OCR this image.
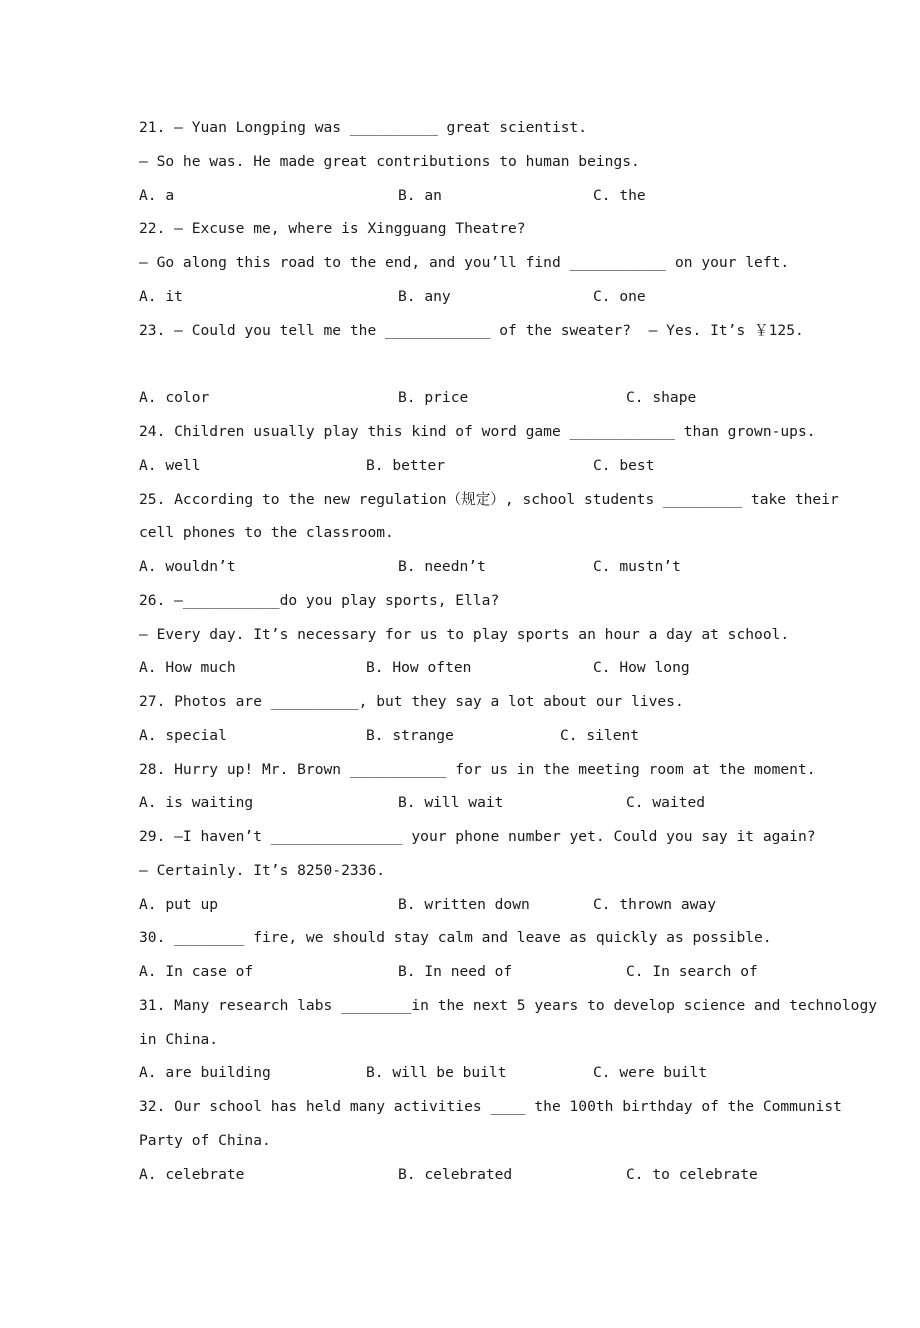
21. — Yuan Longping was __________ great scientist.
— So he was. He made great contributions to human beings.

A. a

	B. an

	C. the

22. — Excuse me, where is Xingguang Theatre?
— Go along this road to the end, and you’ll find ___________ on your left.

A. it

	B. any

	C. one

23. — Could you tell me the ____________ of the sweater?  — Yes. It’s ￥125.

A. color

	B. price

	C. shape

24. Children usually play this kind of word game ____________ than grown-ups.

A. well

	B. better

	C. best

25. According to the new regulation（规定）, school students _________ take their
cell phones to the classroom.

A. wouldn’t

	B. needn’t

	C. mustn’t

26. —___________do you play sports, Ella?
— Every day. It’s necessary for us to play sports an hour a day at school.

A. How much

	B. How often

	C. How long

27. Photos are __________, but they say a lot about our lives.

A. special

	B. strange

	C. silent

28. Hurry up! Mr. Brown ___________ for us in the meeting room at the moment.

A. is waiting

	B. will wait

	C. waited

29. —I haven’t _______________ your phone number yet. Could you say it again?
— Certainly. It’s 8250-2336.

A. put up

	B. written down

	C. thrown away

30. ________ fire, we should stay calm and leave as quickly as possible.

A. In case of

	B. In need of

	C. In search of

31. Many research labs ________in the next 5 years to develop science and technology
in China.

A. are building

	B. will be built

	C. were built

32. Our school has held many activities ____ the 100th birthday of the Communist
Party of China.

A. celebrate

	B. celebrated

	C. to celebrate
